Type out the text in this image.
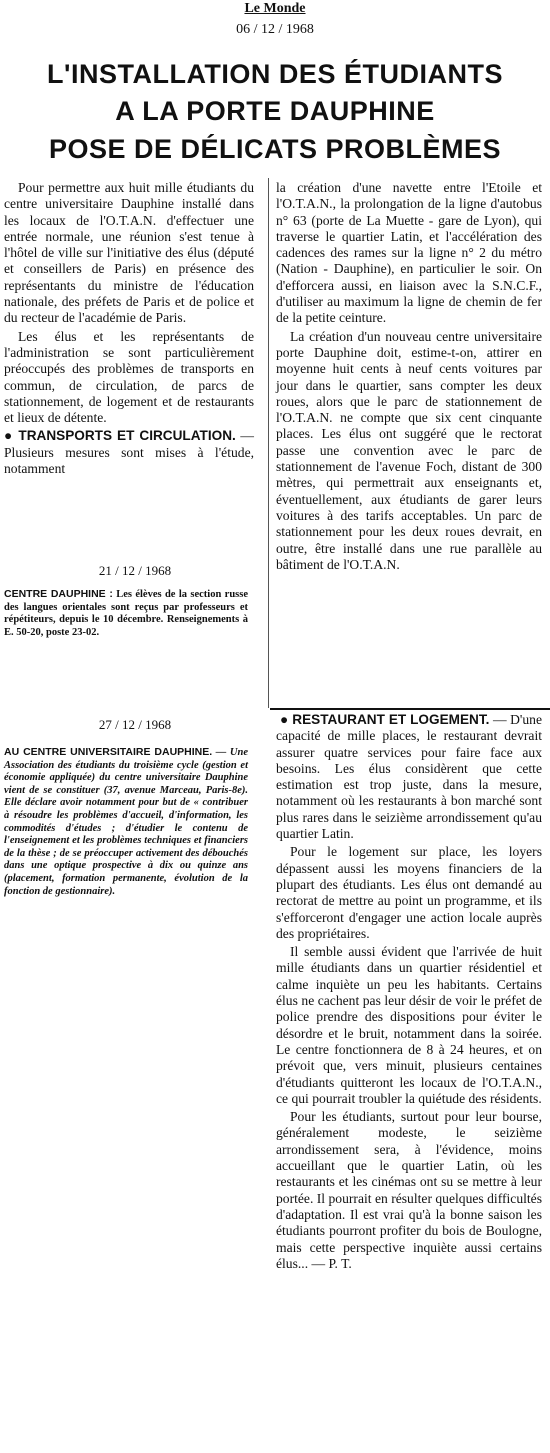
Le Monde
06 / 12 / 1968
L'INSTALLATION DES ÉTUDIANTS
A LA PORTE DAUPHINE
POSE DE DÉLICATS PROBLÈMES

Pour permettre aux huit mille étudiants du centre universitaire Dauphine installé dans les locaux de l'O.T.A.N. d'effectuer une entrée normale, une réunion s'est tenue à l'hôtel de ville sur l'initiative des élus (député et conseillers de Paris) en présence des représentants du ministre de l'éducation nationale, des préfets de Paris et de police et du recteur de l'académie de Paris.

Les élus et les représentants de l'administration se sont particulièrement préoccupés des problèmes de transports en commun, de circulation, de parcs de stationnement, de logement et de restaurants et lieux de détente.

● TRANSPORTS ET CIRCULATION. — Plusieurs mesures sont mises à l'étude, notamment

la création d'une navette entre l'Etoile et l'O.T.A.N., la prolongation de la ligne d'autobus n° 63 (porte de La Muette - gare de Lyon), qui traverse le quartier Latin, et l'accélération des cadences des rames sur la ligne n° 2 du métro (Nation - Dauphine), en particulier le soir. On d'efforcera aussi, en liaison avec la S.N.C.F., d'utiliser au maximum la ligne de chemin de fer de la petite ceinture.

La création d'un nouveau centre universitaire porte Dauphine doit, estime-t-on, attirer en moyenne huit cents à neuf cents voitures par jour dans le quartier, sans compter les deux roues, alors que le parc de stationnement de l'O.T.A.N. ne compte que six cent cinquante places. Les élus ont suggéré que le rectorat passe une convention avec le parc de stationnement de l'avenue Foch, distant de 300 mètres, qui permettrait aux enseignants et, éventuellement, aux étudiants de garer leurs voitures à des tarifs acceptables. Un parc de stationnement pour les deux roues devrait, en outre, être installé dans une rue parallèle au bâtiment de l'O.T.A.N.

● RESTAURANT ET LOGEMENT. — D'une capacité de mille places, le restaurant devrait assurer quatre services pour faire face aux besoins. Les élus considèrent que cette estimation est trop juste, dans la mesure, notamment où les restaurants à bon marché sont plus rares dans le seizième arrondissement qu'au quartier Latin.

Pour le logement sur place, les loyers dépassent aussi les moyens financiers de la plupart des étudiants. Les élus ont demandé au rectorat de mettre au point un programme, et ils s'efforceront d'engager une action locale auprès des propriétaires.

Il semble aussi évident que l'arrivée de huit mille étudiants dans un quartier résidentiel et calme inquiète un peu les habitants. Certains élus ne cachent pas leur désir de voir le préfet de police prendre des dispositions pour éviter le désordre et le bruit, notamment dans la soirée. Le centre fonctionnera de 8 à 24 heures, et on prévoit que, vers minuit, plusieurs centaines d'étudiants quitteront les locaux de l'O.T.A.N., ce qui pourrait troubler la quiétude des résidents.

Pour les étudiants, surtout pour leur bourse, généralement modeste, le seizième arrondissement sera, à l'évidence, moins accueillant que le quartier Latin, où les restaurants et les cinémas ont su se mettre à leur portée. Il pourrait en résulter quelques difficultés d'adaptation. Il est vrai qu'à la bonne saison les étudiants pourront profiter du bois de Boulogne, mais cette perspective inquiète aussi certains élus... — P. T.

21 / 12 / 1968

CENTRE DAUPHINE : Les élèves de la section russe des langues orientales sont reçus par professeurs et répétiteurs, depuis le 10 décembre. Renseignements à E. 50-20, poste 23-02.

27 / 12 / 1968

AU CENTRE UNIVERSITAIRE DAUPHINE. — Une Association des étudiants du troisième cycle (gestion et économie appliquée) du centre universitaire Dauphine vient de se constituer (37, avenue Marceau, Paris-8e). Elle déclare avoir notamment pour but de « contribuer à résoudre les problèmes d'accueil, d'information, les commodités d'études ; d'étudier le contenu de l'enseignement et les problèmes techniques et financiers de la thèse ; de se préoccuper activement des débouchés dans une optique prospective à dix ou quinze ans (placement, formation permanente, évolution de la fonction de gestionnaire).
